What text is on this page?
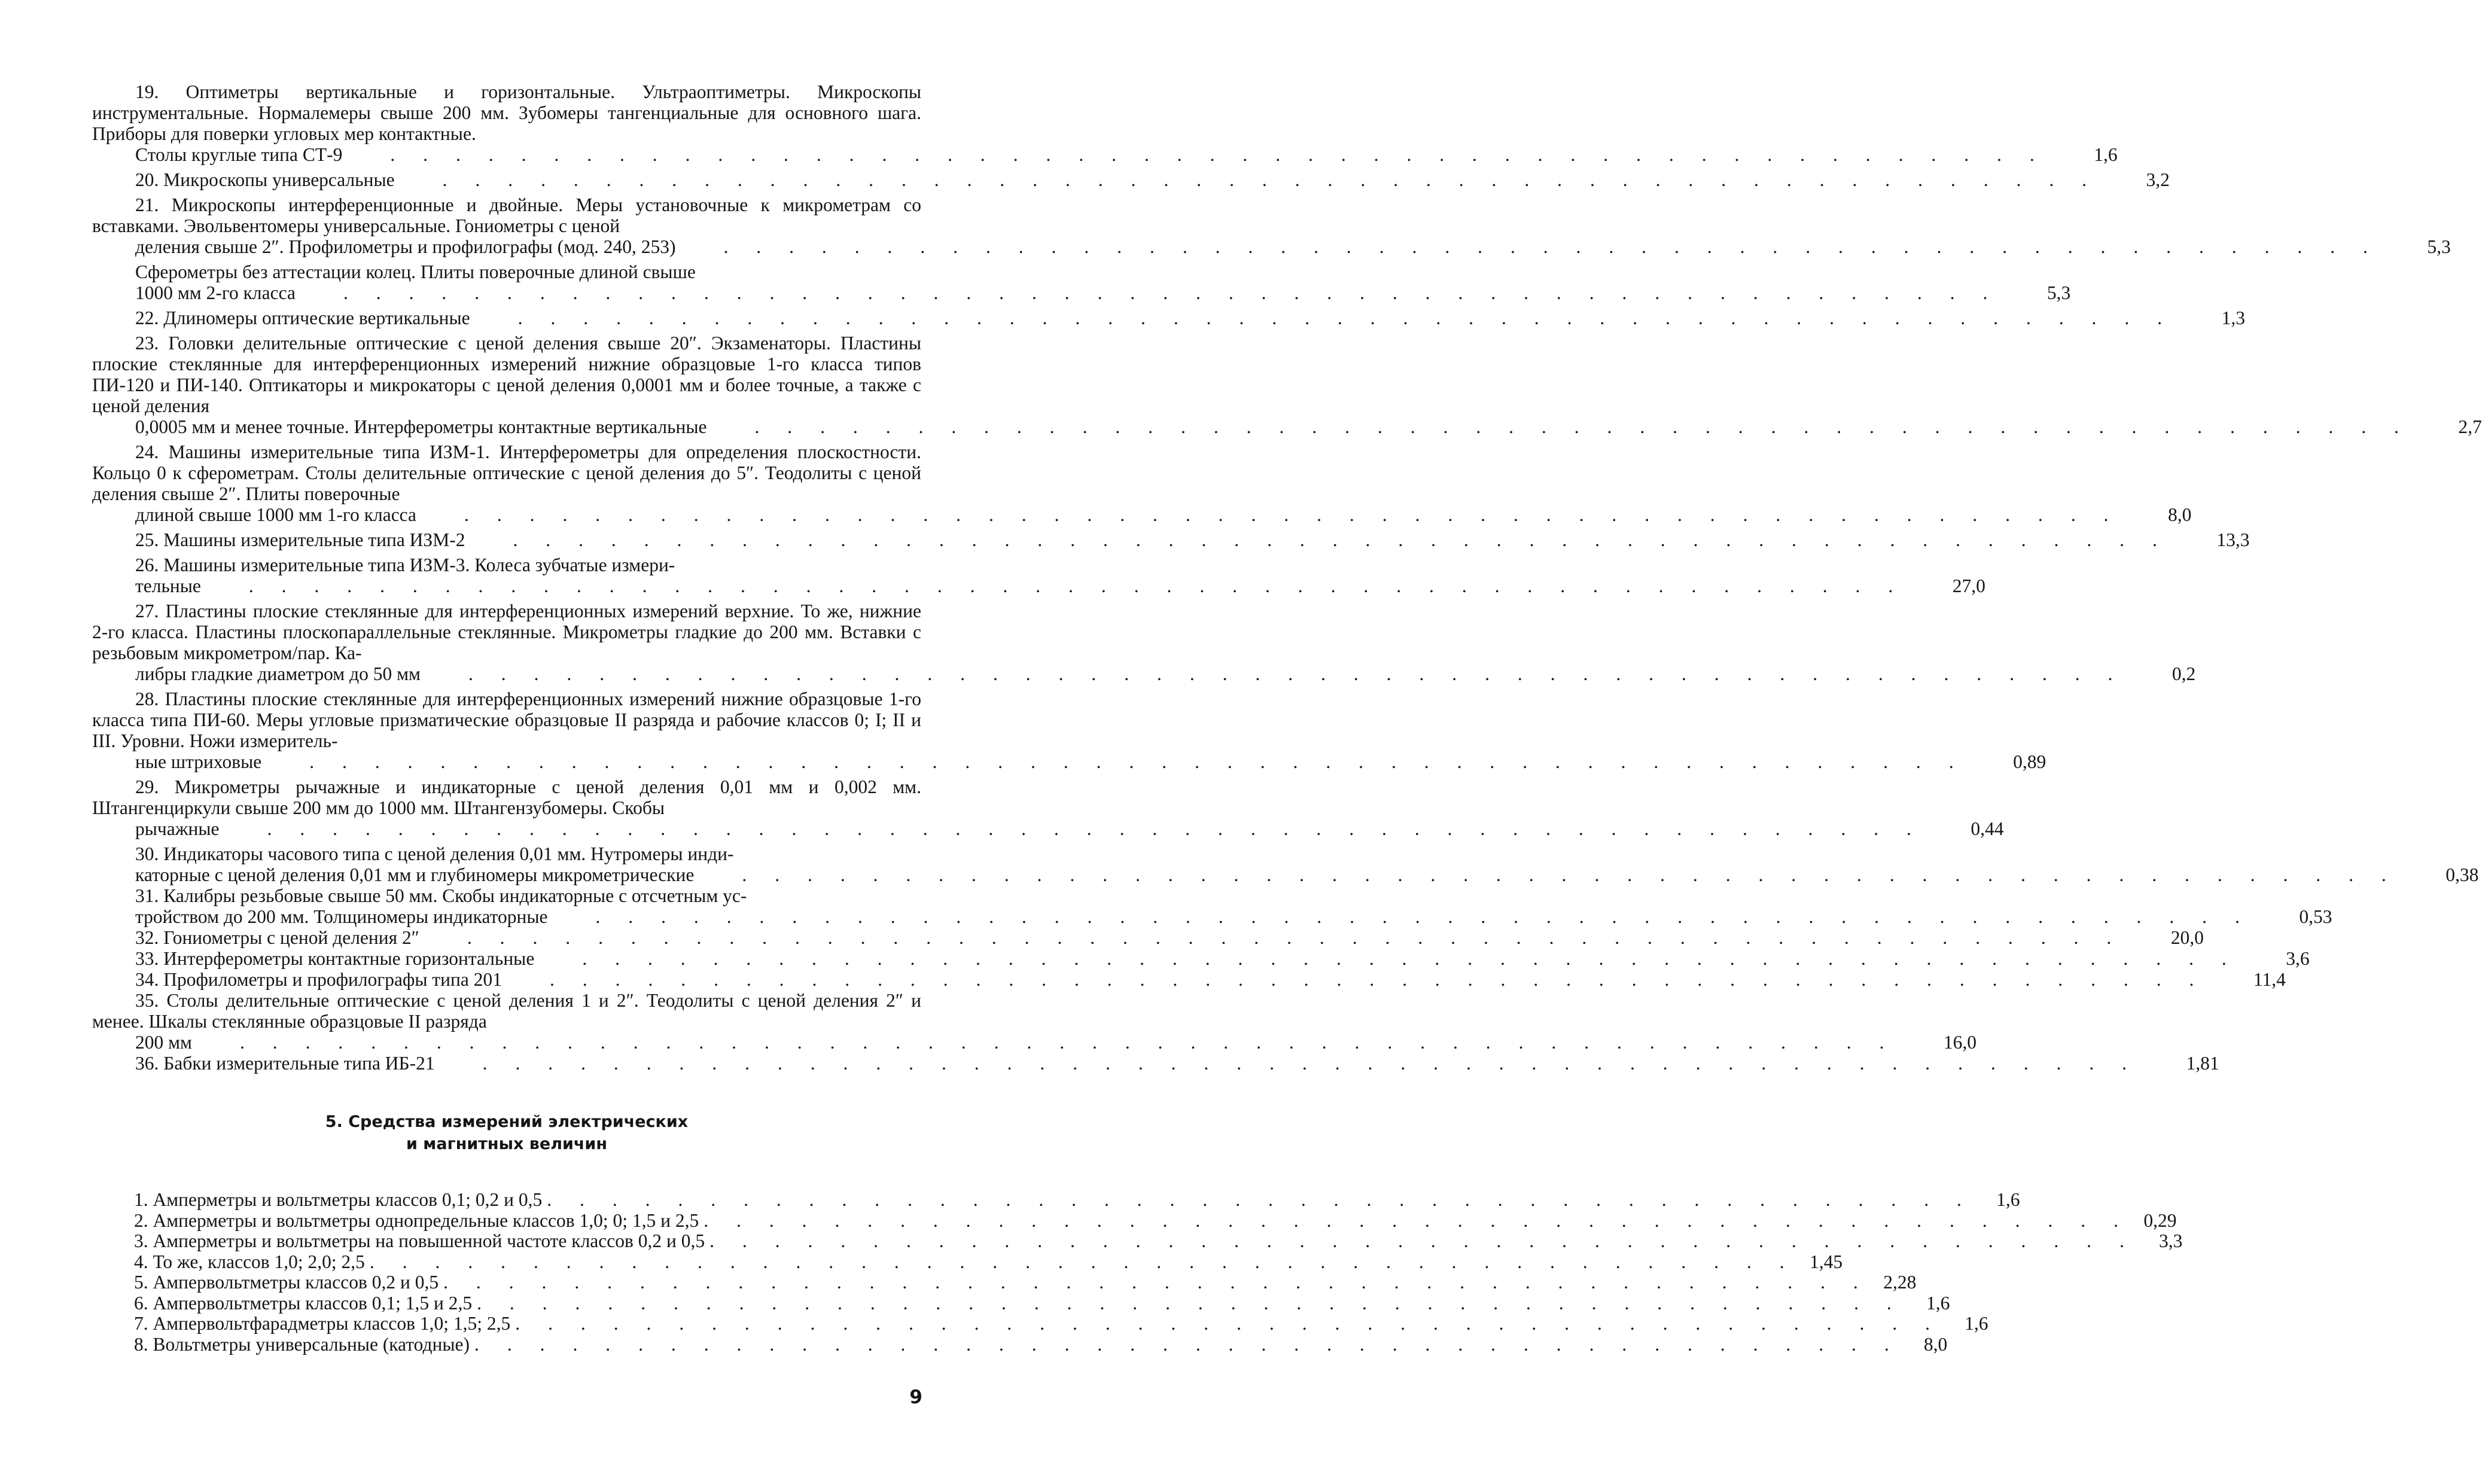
19. Оптиметры вертикальные и горизонтальные. Ультраоптиметры. Микроскопы инструментальные. Нормалемеры свыше 200 мм. Зубомеры тангенциальные для основного шага. Приборы для поверки угловых мер контактные.
Столы круглые типа СТ-9	. . . . . . . . . . . . . . . . . . . . . . . . . . . . . . . . . . . . . . . . . . . . . . . . . . .	1,6
20. Микроскопы универсальные	. . . . . . . . . . . . . . . . . . . . . . . . . . . . . . . . . . . . . . . . . . . . . . . . . . .	3,2
21. Микроскопы интерференционные и двойные. Меры установочные к микрометрам со вставками. Эвольвентомеры универсальные. Гониометры с ценой
деления свыше 2″. Профилометры и профилографы (мод. 240, 253)	. . . . . . . . . . . . . . . . . . . . . . . . . . . . . . . . . . . . . . . . . . . . . . . . . . .	5,3
Сферометры без аттестации колец. Плиты поверочные длиной свыше
1000 мм 2-го класса	. . . . . . . . . . . . . . . . . . . . . . . . . . . . . . . . . . . . . . . . . . . . . . . . . . .	5,3
22. Длиномеры оптические вертикальные	. . . . . . . . . . . . . . . . . . . . . . . . . . . . . . . . . . . . . . . . . . . . . . . . . . .	1,3
23. Головки делительные оптические с ценой деления свыше 20″. Экзаменаторы. Пластины плоские стеклянные для интерференционных измерений нижние образцовые 1-го класса типов ПИ-120 и ПИ-140. Оптикаторы и микрокаторы с ценой деления 0,0001 мм и более точные, а также с ценой деления
0,0005 мм и менее точные. Интерферометры контактные вертикальные	. . . . . . . . . . . . . . . . . . . . . . . . . . . . . . . . . . . . . . . . . . . . . . . . . . .	2,7
24. Машины измерительные типа ИЗМ-1. Интерферометры для определения плоскостности. Кольцо 0 к сферометрам. Столы делительные оптические с ценой деления до 5″. Теодолиты с ценой деления свыше 2″. Плиты поверочные
длиной свыше 1000 мм 1-го класса	. . . . . . . . . . . . . . . . . . . . . . . . . . . . . . . . . . . . . . . . . . . . . . . . . . .	8,0
25. Машины измерительные типа ИЗМ-2	. . . . . . . . . . . . . . . . . . . . . . . . . . . . . . . . . . . . . . . . . . . . . . . . . . .	13,3
26. Машины измерительные типа ИЗМ-3. Колеса зубчатые измери-
тельные	. . . . . . . . . . . . . . . . . . . . . . . . . . . . . . . . . . . . . . . . . . . . . . . . . . .	27,0
27. Пластины плоские стеклянные для интерференционных измерений верхние. То же, нижние 2-го класса. Пластины плоскопараллельные стеклянные. Микрометры гладкие до 200 мм. Вставки с резьбовым микрометром/пар. Ка-
либры гладкие диаметром до 50 мм	. . . . . . . . . . . . . . . . . . . . . . . . . . . . . . . . . . . . . . . . . . . . . . . . . . .	0,2
28. Пластины плоские стеклянные для интерференционных измерений нижние образцовые 1-го класса типа ПИ-60. Меры угловые призматические образцовые II разряда и рабочие классов 0; I; II и III. Уровни. Ножи измеритель-
ные штриховые	. . . . . . . . . . . . . . . . . . . . . . . . . . . . . . . . . . . . . . . . . . . . . . . . . . .	0,89
29. Микрометры рычажные и индикаторные с ценой деления 0,01 мм и 0,002 мм. Штангенциркули свыше 200 мм до 1000 мм. Штангензубомеры. Скобы
рычажные	. . . . . . . . . . . . . . . . . . . . . . . . . . . . . . . . . . . . . . . . . . . . . . . . . . .	0,44
30. Индикаторы часового типа с ценой деления 0,01 мм. Нутромеры инди-
каторные с ценой деления 0,01 мм и глубиномеры микрометрические	. . . . . . . . . . . . . . . . . . . . . . . . . . . . . . . . . . . . . . . . . . . . . . . . . . .	0,38
31. Калибры резьбовые свыше 50 мм. Скобы индикаторные с отсчетным ус-
тройством до 200 мм. Толщиномеры индикаторные	. . . . . . . . . . . . . . . . . . . . . . . . . . . . . . . . . . . . . . . . . . . . . . . . . . .	0,53
32. Гониометры с ценой деления 2″	. . . . . . . . . . . . . . . . . . . . . . . . . . . . . . . . . . . . . . . . . . . . . . . . . . .	20,0
33. Интерферометры контактные горизонтальные	. . . . . . . . . . . . . . . . . . . . . . . . . . . . . . . . . . . . . . . . . . . . . . . . . . .	3,6
34. Профилометры и профилографы типа 201	. . . . . . . . . . . . . . . . . . . . . . . . . . . . . . . . . . . . . . . . . . . . . . . . . . .	11,4
35. Столы делительные оптические с ценой деления 1 и 2″. Теодолиты с ценой деления 2″ и менее. Шкалы стеклянные образцовые II разряда
200 мм	. . . . . . . . . . . . . . . . . . . . . . . . . . . . . . . . . . . . . . . . . . . . . . . . . . .	16,0
36. Бабки измерительные типа ИБ-21	. . . . . . . . . . . . . . . . . . . . . . . . . . . . . . . . . . . . . . . . . . . . . . . . . . .	1,81
5. Средства измерений электрических
и магнитных величин
1. Амперметры и вольтметры классов 0,1; 0,2 и 0,5 . . . . . . . . . . . . . . . . . . . . . . . . . . . . . . . . . . . . . . . . . . . .	1,6
2. Амперметры и вольтметры однопредельные классов 1,0; 0; 1,5 и 2,5 . . . . . . . . . . . . . . . . . . . . . . . . . . . . . . . . . . . . . . . . . . . . 0,29
3. Амперметры и вольтметры на повышенной частоте классов 0,2 и 0,5 . . . . . . . . . . . . . . . . . . . . . . . . . . . . . . . . . . . . . . . . . . . .	3,3
4. То же, классов 1,0; 2,0; 2,5 . . . . . . . . . . . . . . . . . . . . . . . . . . . . . . . . . . . . . . . . . . . . 1,45
5. Ампервольтметры классов 0,2 и 0,5 . . . . . . . . . . . . . . . . . . . . . . . . . . . . . . . . . . . . . . . . . . . . 2,28
6. Ампервольтметры классов 0,1; 1,5 и 2,5 . . . . . . . . . . . . . . . . . . . . . . . . . . . . . . . . . . . . . . . . . . . .	1,6
7. Ампервольтфарадметры классов 1,0; 1,5; 2,5 . . . . . . . . . . . . . . . . . . . . . . . . . . . . . . . . . . . . . . . . . . . .	1,6
8. Вольтметры универсальные (катодные) . . . . . . . . . . . . . . . . . . . . . . . . . . . . . . . . . . . . . . . . . . . .	8,0
9
